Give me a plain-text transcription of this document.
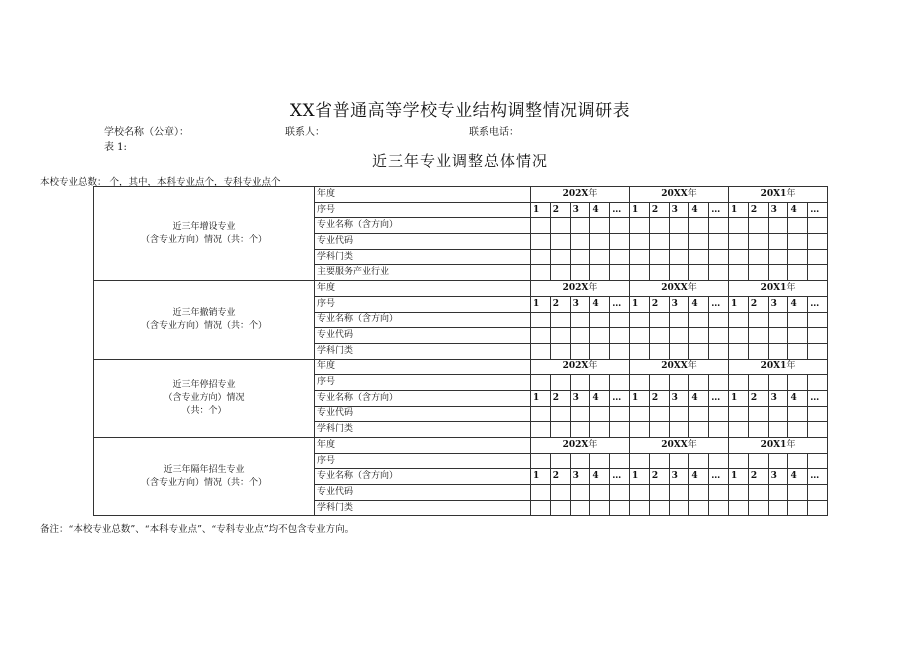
XX省普通高等学校专业结构调整情况调研表
学校名称（公章）：	联系人：	联系电话：
表 1:
近三年专业调整总体情况
本校专业总数： 个，其中，本科专业点个，专科专业点个
近三年增设专业
（含专业方向）情况（共：个）	年度	202X年					20XX年					20X1年				
	序号	1	2	3	4	…	1	2	3	4	…	1	2	3	4	…
	专业名称（含方向）															
	专业代码															
	学科门类															
	主要服务产业行业															

近三年撤销专业
（含专业方向）情况（共：个）	年度	202X年					20XX年					20X1年				
	序号	1	2	3	4	…	1	2	3	4	…	1	2	3	4	…
	专业名称（含方向）															
	专业代码															
	学科门类															

近三年停招专业
（含专业方向）情况
（共：个）	年度	202X年					20XX年					20X1年				
	序号															
	专业名称（含方向）	1	2	3	4	…	1	2	3	4	…	1	2	3	4	…
	专业代码															
	学科门类															

近三年隔年招生专业
（含专业方向）情况（共：个）	年度	202X年					20XX年					20X1年				
	序号															
	专业名称（含方向）	1	2	3	4	…	1	2	3	4	…	1	2	3	4	…
	专业代码															
	学科门类															
备注：“本校专业总数”、“本科专业点”、“专科专业点”均不包含专业方向。
